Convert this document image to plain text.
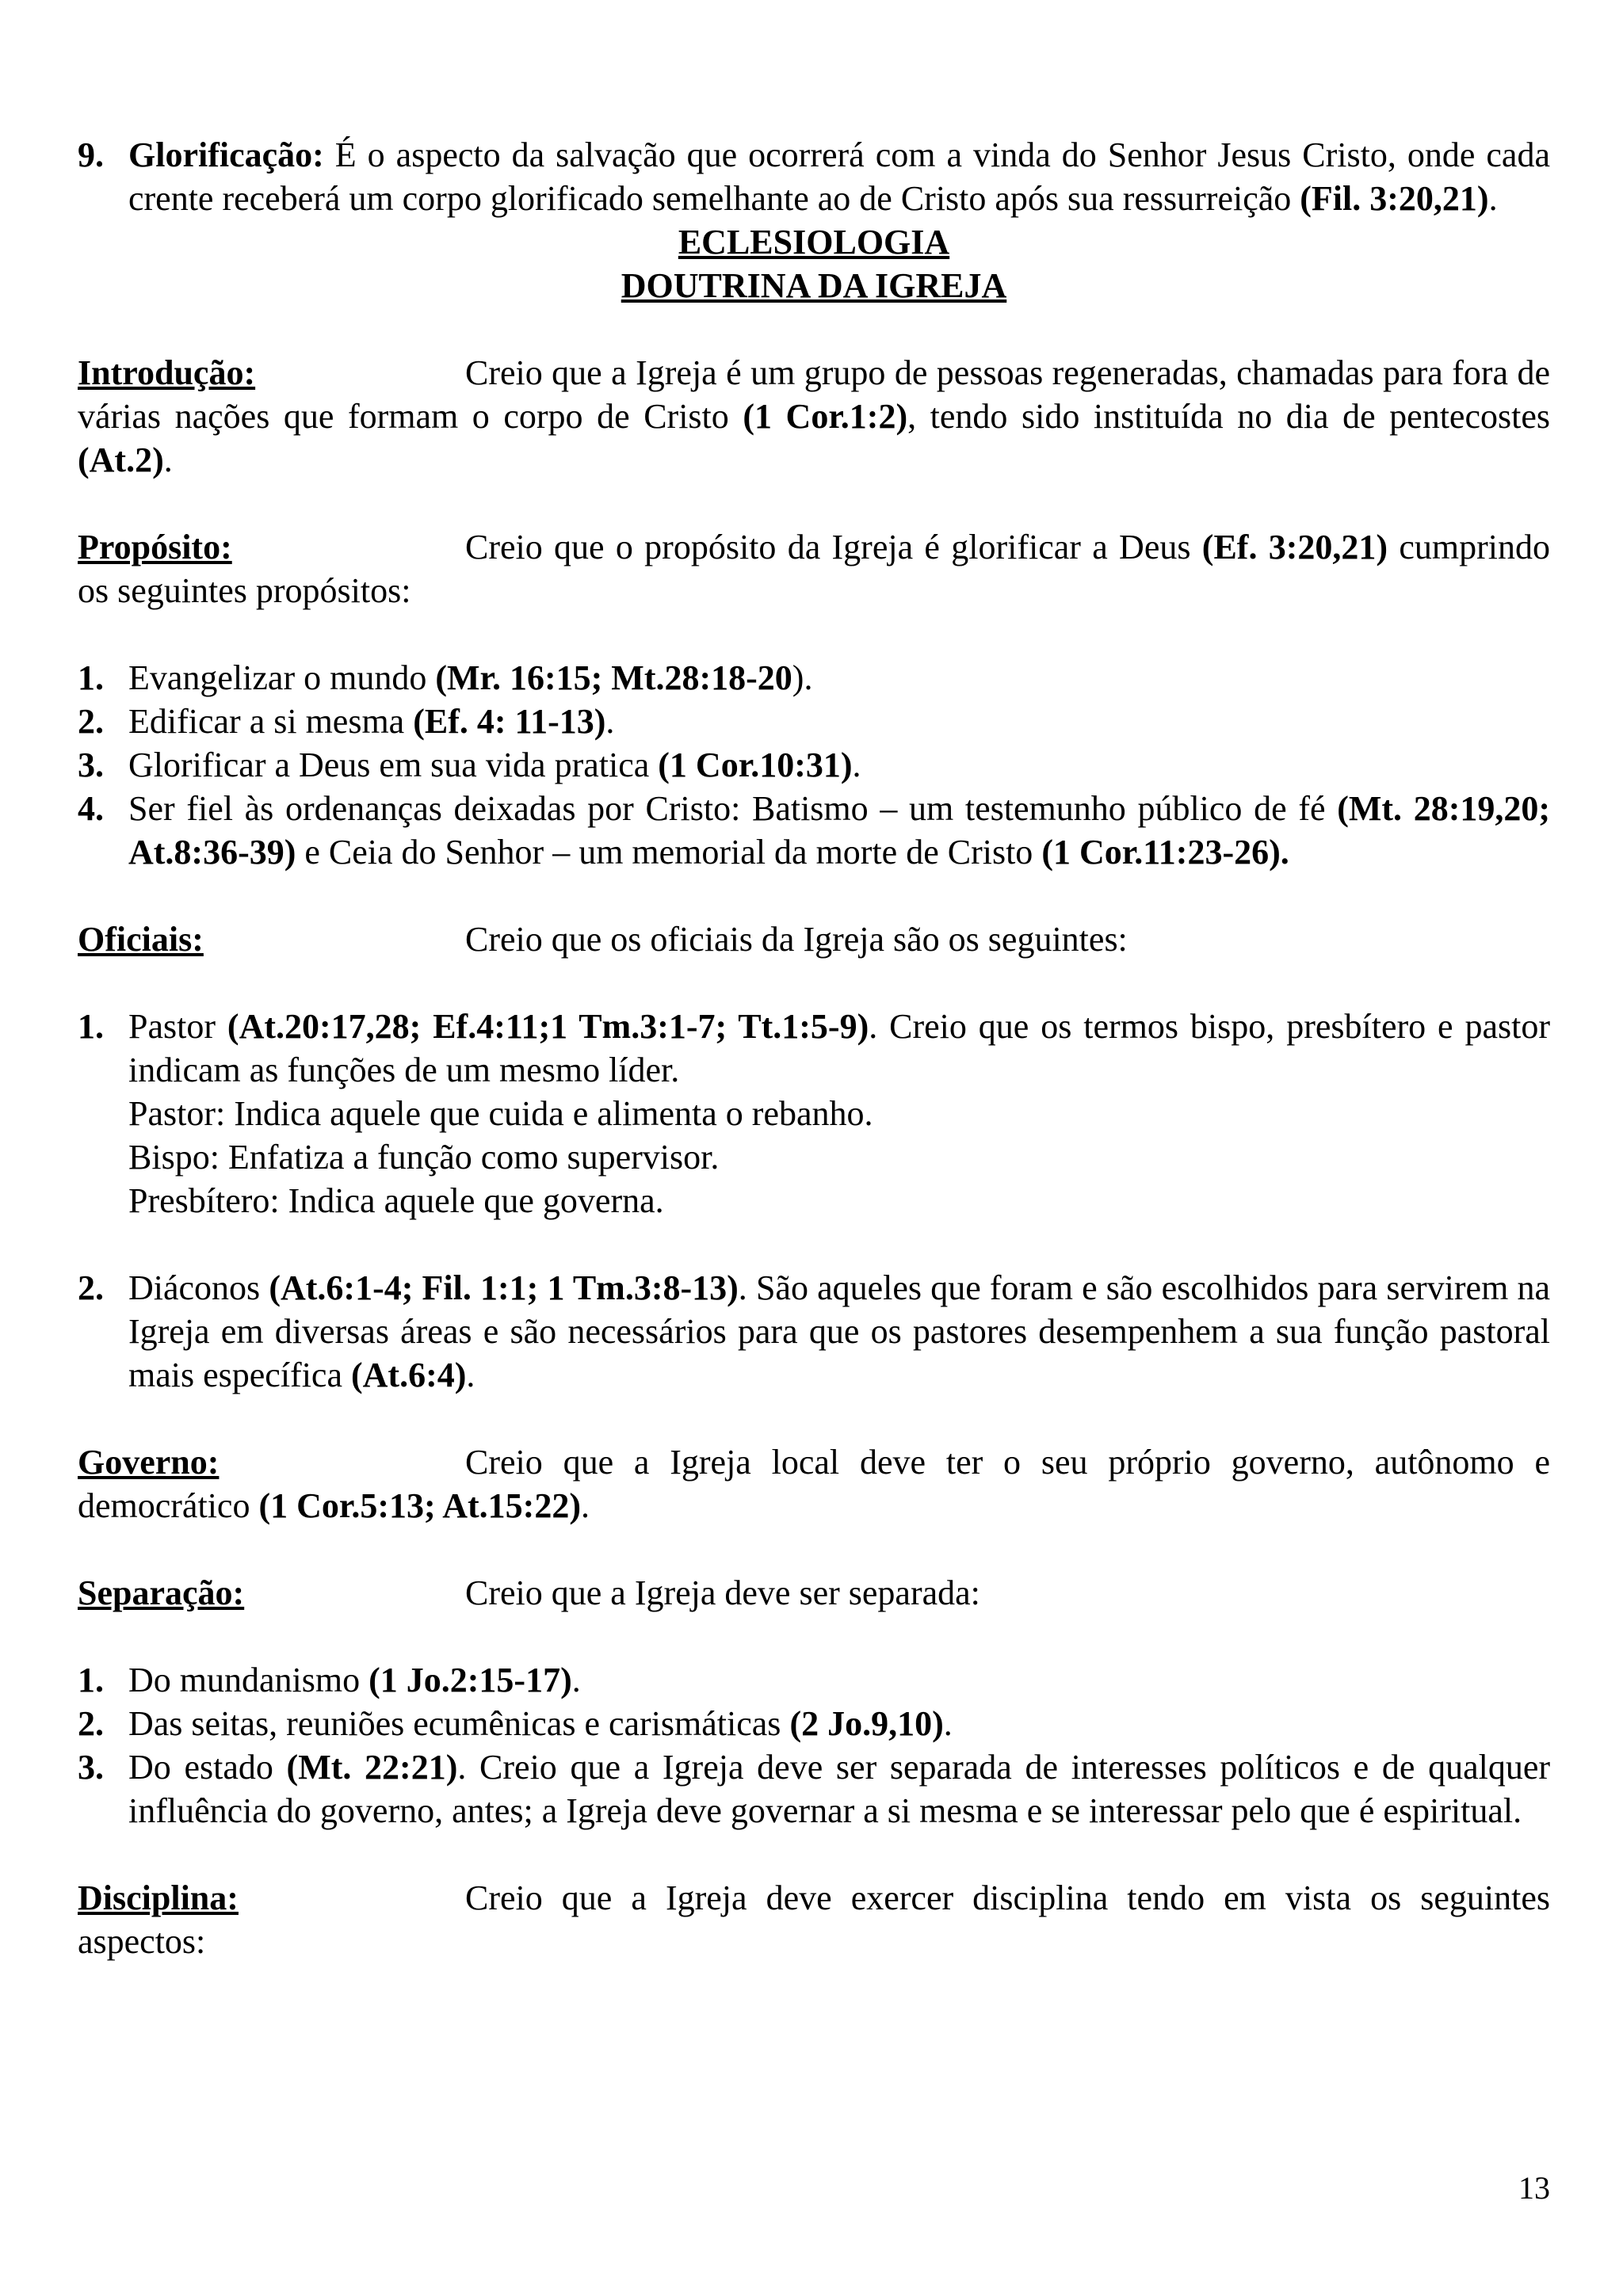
9. Glorificação: É o aspecto da salvação que ocorrerá com a vinda do Senhor Jesus Cristo, onde cada crente receberá um corpo glorificado semelhante ao de Cristo após sua ressurreição (Fil. 3:20,21).
ECLESIOLOGIA
DOUTRINA DA IGREJA
Introdução:	Creio que a Igreja é um grupo de pessoas regeneradas, chamadas para fora de várias nações que formam o corpo de Cristo (1 Cor.1:2), tendo sido instituída no dia de pentecostes (At.2).
Propósito:	Creio que o propósito da Igreja é glorificar a Deus (Ef. 3:20,21) cumprindo os seguintes propósitos:
1. Evangelizar o mundo (Mr. 16:15; Mt.28:18-20).
2. Edificar a si mesma (Ef. 4: 11-13).
3. Glorificar a Deus em sua vida pratica (1 Cor.10:31).
4. Ser fiel às ordenanças deixadas por Cristo: Batismo – um testemunho público de fé (Mt. 28:19,20; At.8:36-39) e Ceia do Senhor – um memorial da morte de Cristo (1 Cor.11:23-26).
Oficiais:	Creio que os oficiais da Igreja são os seguintes:
1. Pastor (At.20:17,28; Ef.4:11;1 Tm.3:1-7; Tt.1:5-9). Creio que os termos bispo, presbítero e pastor indicam as funções de um mesmo líder.
Pastor: Indica aquele que cuida e alimenta o rebanho.
Bispo: Enfatiza a função como supervisor.
Presbítero: Indica aquele que governa.
2. Diáconos (At.6:1-4; Fil. 1:1; 1 Tm.3:8-13). São aqueles que foram e são escolhidos para servirem na Igreja em diversas áreas e são necessários para que os pastores desempenhem a sua função pastoral mais específica (At.6:4).
Governo:	Creio que a Igreja local deve ter o seu próprio governo, autônomo e democrático (1 Cor.5:13; At.15:22).
Separação:	Creio que a Igreja deve ser separada:
1. Do mundanismo (1 Jo.2:15-17).
2. Das seitas, reuniões ecumênicas e carismáticas (2 Jo.9,10).
3. Do estado (Mt. 22:21). Creio que a Igreja deve ser separada de interesses políticos e de qualquer influência do governo, antes; a Igreja deve governar a si mesma e se interessar pelo que é espiritual.
Disciplina:	Creio que a Igreja deve exercer disciplina tendo em vista os seguintes aspectos:
13
